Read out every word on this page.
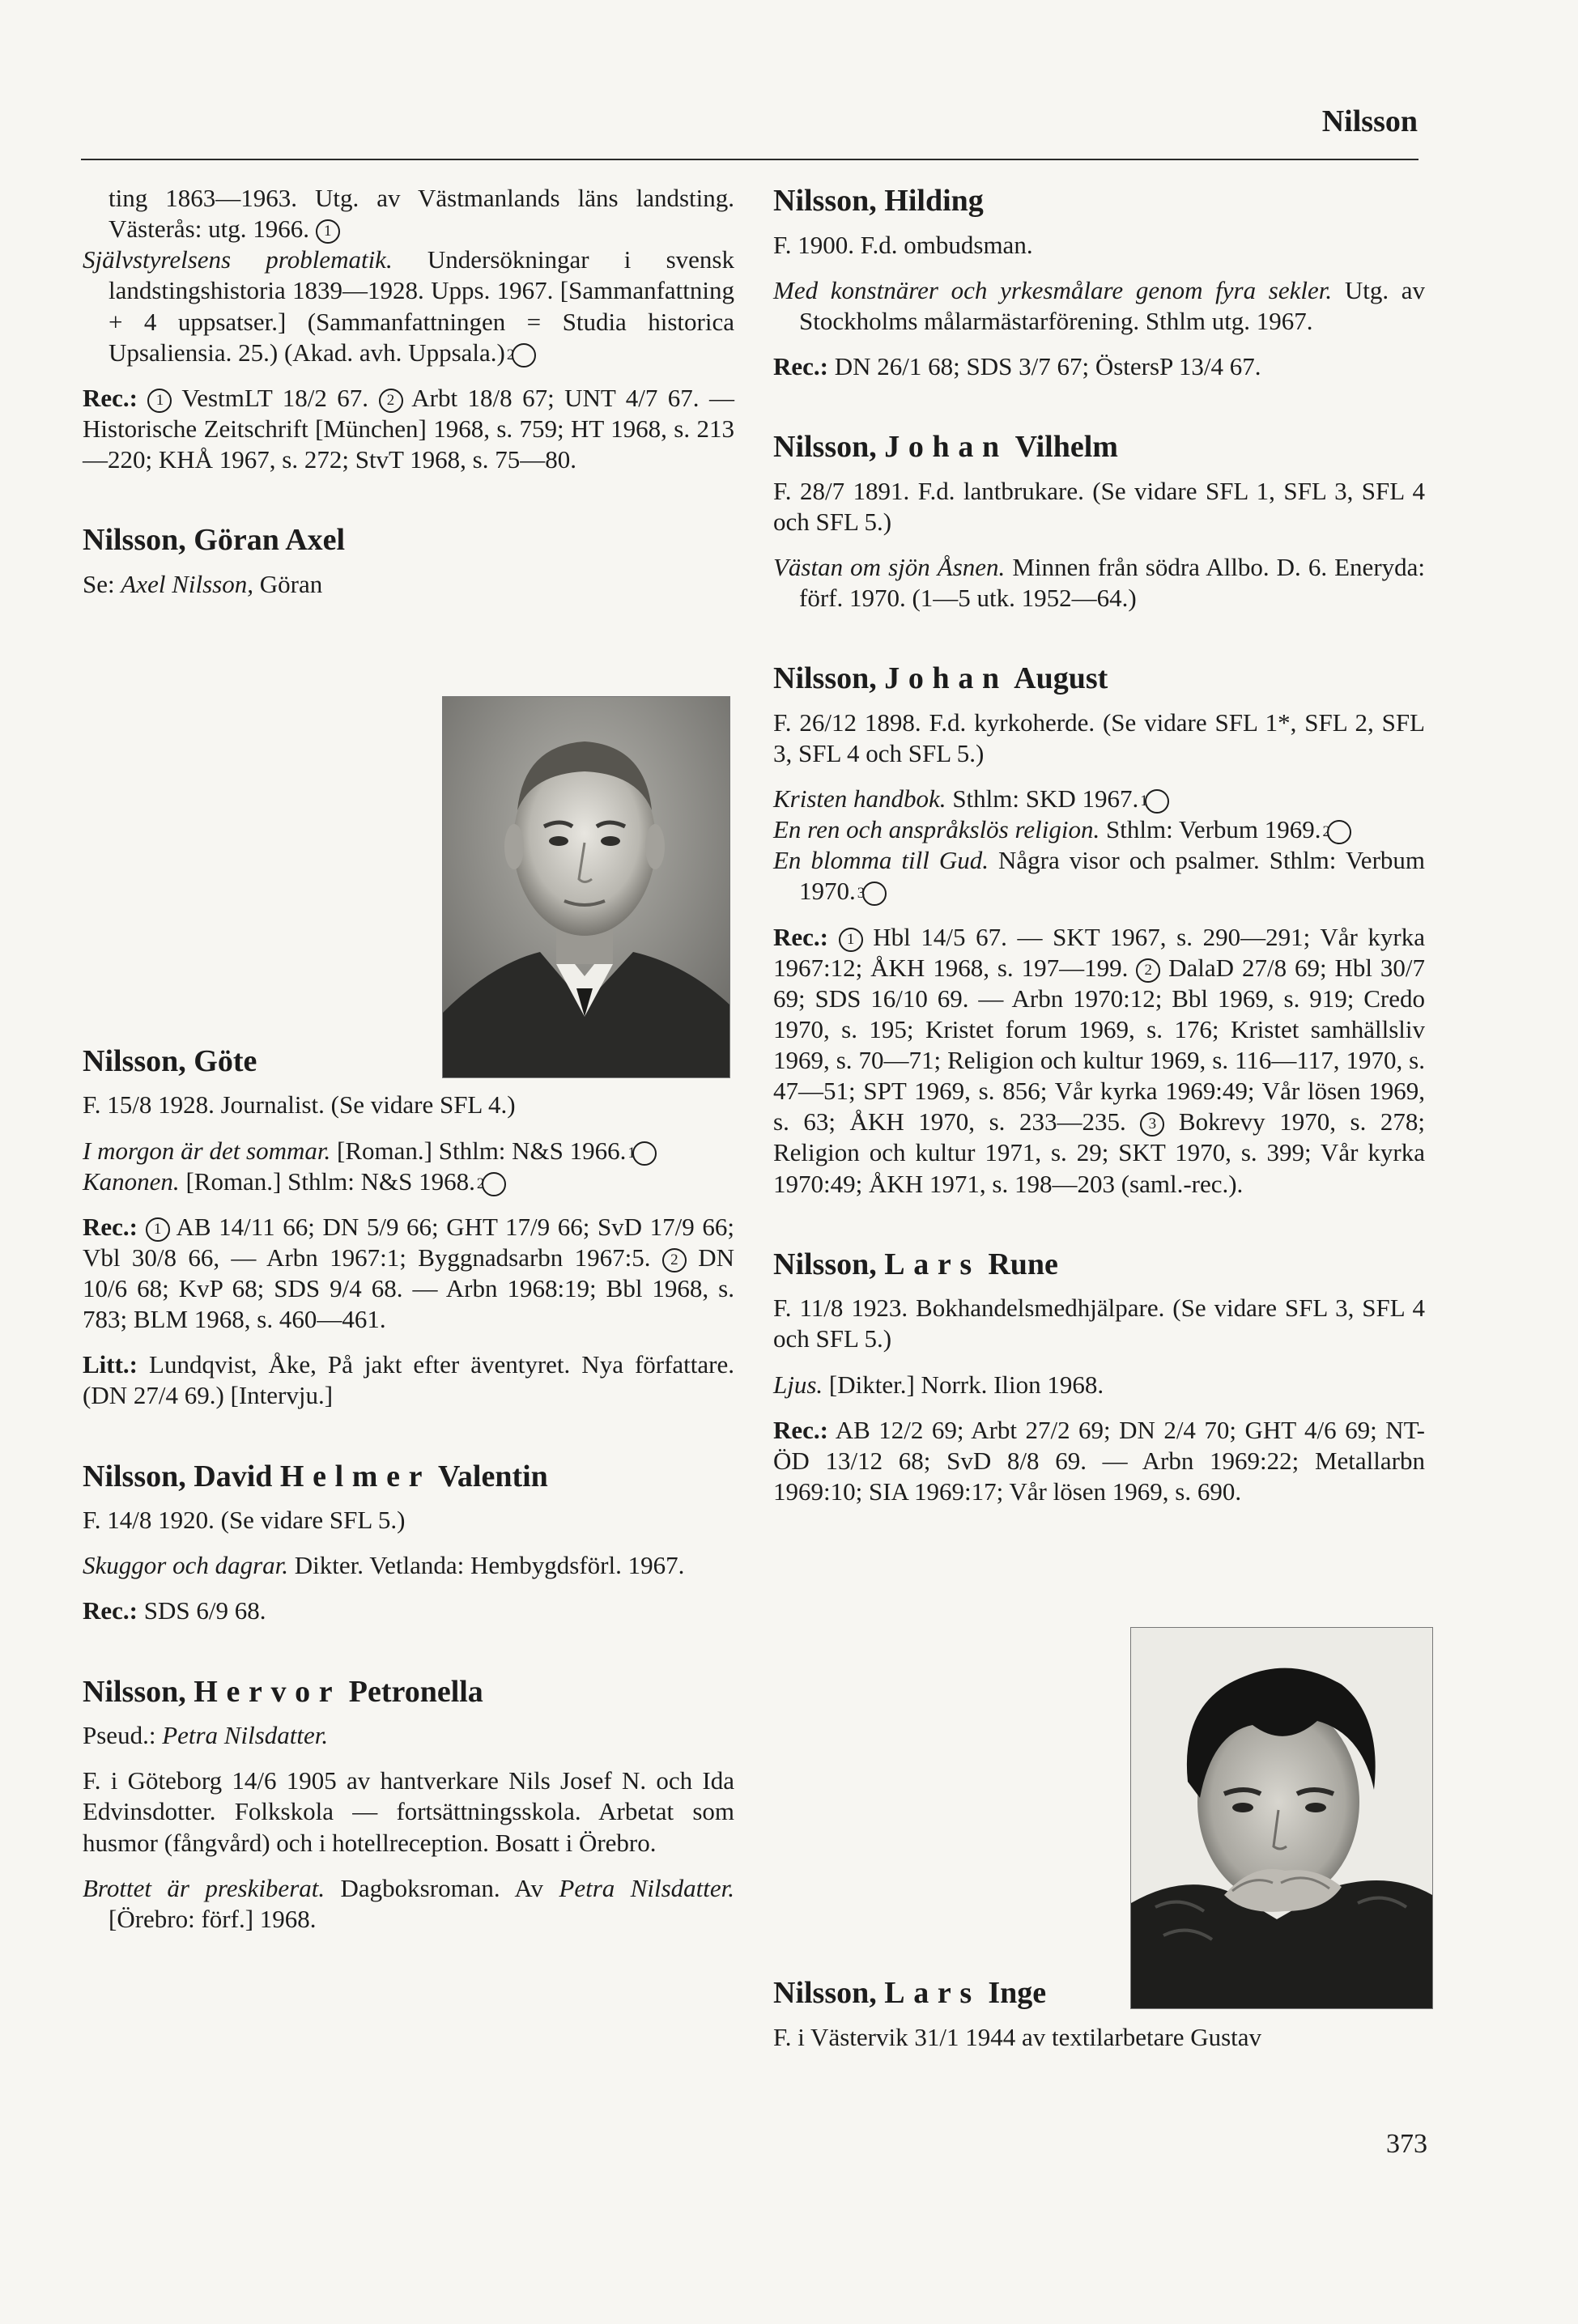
Nilsson

ting 1863—1963. Utg. av Västmanlands läns landsting. Västerås: utg. 1966. 1

Självstyrelsens problematik. Undersökningar i svensk landstingshistoria 1839—1928. Upps. 1967. [Sammanfattning + 4 uppsatser.] (Sammanfattningen = Studia historica Upsaliensia. 25.) (Akad. avh. Uppsala.) 2

Rec.: 1 VestmLT 18/2 67. 2 Arbt 18/8 67; UNT 4/7 67. — Historische Zeitschrift [München] 1968, s. 759; HT 1968, s. 213—220; KHÅ 1967, s. 272; StvT 1968, s. 75—80.

Nilsson, Göran Axel

Se: Axel Nilsson, Göran

Nilsson, Göte

F. 15/8 1928. Journalist. (Se vidare SFL 4.)

I morgon är det sommar. [Roman.] Sthlm: N&S 1966. 1

Kanonen. [Roman.] Sthlm: N&S 1968. 2

Rec.: 1 AB 14/11 66; DN 5/9 66; GHT 17/9 66; SvD 17/9 66; Vbl 30/8 66, — Arbn 1967:1; Byggnadsarbn 1967:5. 2 DN 10/6 68; KvP 68; SDS 9/4 68. — Arbn 1968:19; Bbl 1968, s. 783; BLM 1968, s. 460—461.

Litt.: Lundqvist, Åke, På jakt efter äventyret. Nya författare. (DN 27/4 69.) [Intervju.]

Nilsson, David Helmer Valentin

F. 14/8 1920. (Se vidare SFL 5.)

Skuggor och dagrar. Dikter. Vetlanda: Hembygdsförl. 1967.

Rec.: SDS 6/9 68.

Nilsson, Hervor Petronella

Pseud.: Petra Nilsdatter.

F. i Göteborg 14/6 1905 av hantverkare Nils Josef N. och Ida Edvinsdotter. Folkskola — fortsättningsskola. Arbetat som husmor (fångvård) och i hotellreception. Bosatt i Örebro.

Brottet är preskiberat. Dagboksroman. Av Petra Nilsdatter. [Örebro: förf.] 1968.

Nilsson, Hilding

F. 1900. F.d. ombudsman.

Med konstnärer och yrkesmålare genom fyra sekler. Utg. av Stockholms målarmästarförening. Sthlm utg. 1967.

Rec.: DN 26/1 68; SDS 3/7 67; ÖstersP 13/4 67.

Nilsson, Johan Vilhelm

F. 28/7 1891. F.d. lantbrukare. (Se vidare SFL 1, SFL 3, SFL 4 och SFL 5.)

Västan om sjön Åsnen. Minnen från södra Allbo. D. 6. Eneryda: förf. 1970. (1—5 utk. 1952—64.)

Nilsson, Johan August

F. 26/12 1898. F.d. kyrkoherde. (Se vidare SFL 1*, SFL 2, SFL 3, SFL 4 och SFL 5.)

Kristen handbok. Sthlm: SKD 1967. 1

En ren och anspråkslös religion. Sthlm: Verbum 1969. 2

En blomma till Gud. Några visor och psalmer. Sthlm: Verbum 1970. 3

Rec.: 1 Hbl 14/5 67. — SKT 1967, s. 290—291; Vår kyrka 1967:12; ÅKH 1968, s. 197—199. 2 DalaD 27/8 69; Hbl 30/7 69; SDS 16/10 69. — Arbn 1970:12; Bbl 1969, s. 919; Credo 1970, s. 195; Kristet forum 1969, s. 176; Kristet samhällsliv 1969, s. 70—71; Religion och kultur 1969, s. 116—117, 1970, s. 47—51; SPT 1969, s. 856; Vår kyrka 1969:49; Vår lösen 1969, s. 63; ÅKH 1970, s. 233—235. 3 Bokrevy 1970, s. 278; Religion och kultur 1971, s. 29; SKT 1970, s. 399; Vår kyrka 1970:49; ÅKH 1971, s. 198—203 (saml.-rec.).

Nilsson, Lars Rune

F. 11/8 1923. Bokhandelsmedhjälpare. (Se vidare SFL 3, SFL 4 och SFL 5.)

Ljus. [Dikter.] Norrk. Ilion 1968.

Rec.: AB 12/2 69; Arbt 27/2 69; DN 2/4 70; GHT 4/6 69; NT-ÖD 13/12 68; SvD 8/8 69. — Arbn 1969:22; Metallarbn 1969:10; SIA 1969:17; Vår lösen 1969, s. 690.

Nilsson, Lars Inge

F. i Västervik 31/1 1944 av textilarbetare Gustav

373
